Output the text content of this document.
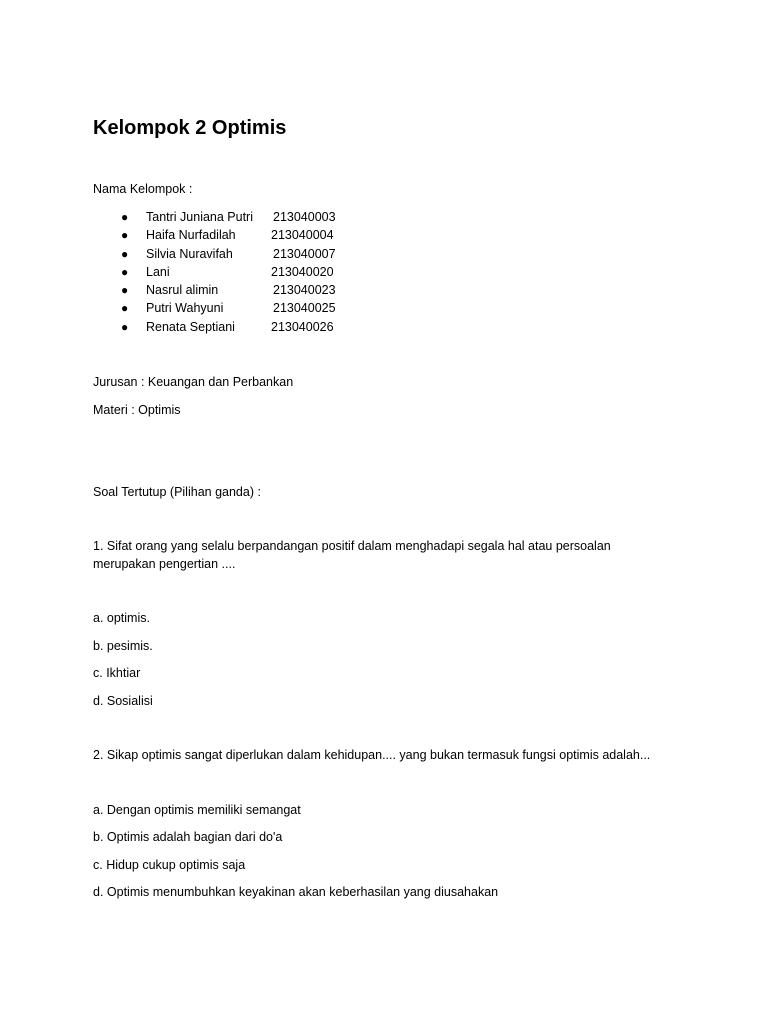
Kelompok 2 Optimis
Nama Kelompok :
● Tantri Juniana Putri 213040003
● Haifa Nurfadilah	213040004
● Silvia Nuravifah	213040007
● Lani	213040020
● Nasrul alimin	213040023
● Putri Wahyuni	213040025
● Renata Septiani	213040026
Jurusan : Keuangan dan Perbankan
Materi : Optimis
Soal Tertutup (Pilihan ganda) :
1. Sifat orang yang selalu berpandangan positif dalam menghadapi segala hal atau persoalan
merupakan pengertian ....
a. optimis.
b. pesimis.
c. Ikhtiar
d. Sosialisi
2. Sikap optimis sangat diperlukan dalam kehidupan.... yang bukan termasuk fungsi optimis adalah...
a. Dengan optimis memiliki semangat
b. Optimis adalah bagian dari do'a
c. Hidup cukup optimis saja
d. Optimis menumbuhkan keyakinan akan keberhasilan yang diusahakan
